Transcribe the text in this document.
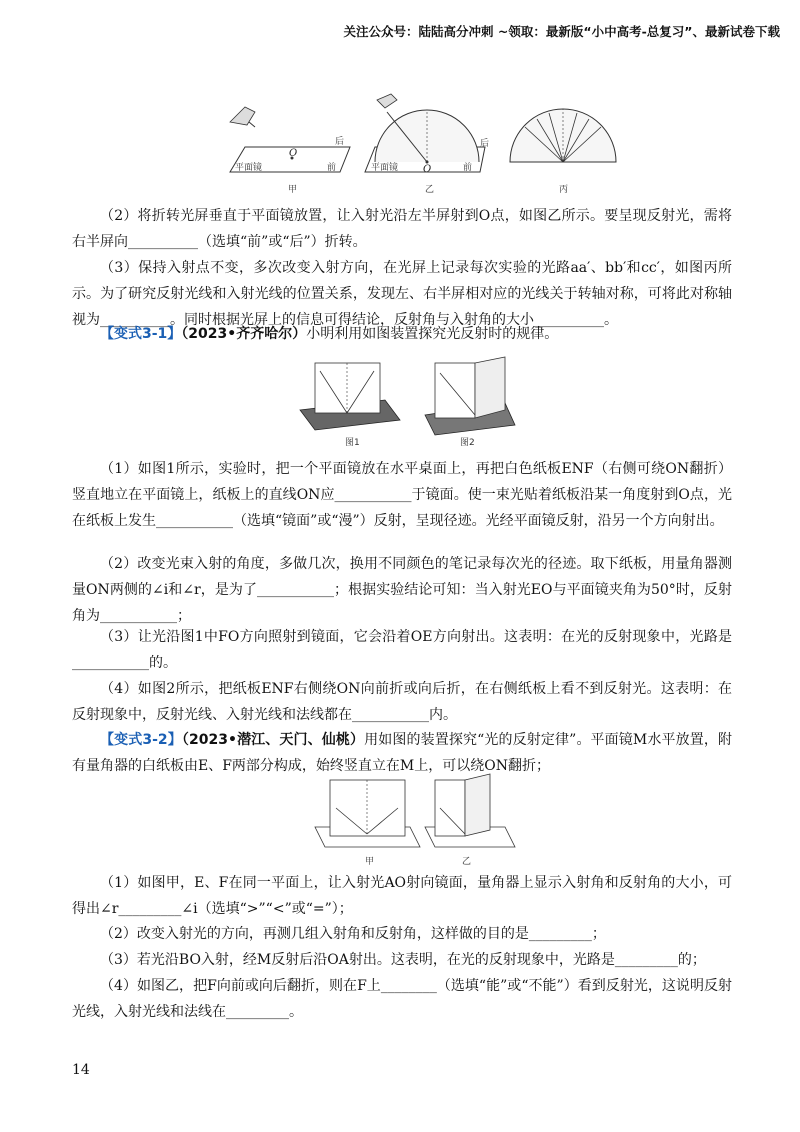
关注公众号：陆陆高分冲刺 ~领取：最新版“小中高考-总复习”、最新试卷下载
O
平面镜	前
后
甲
O
平面镜	前
后
乙	丙
（2）将折转光屏垂直于平面镜放置，让入射光沿左半屏射到O点，如图乙所示。要呈现反射光，需将右半屏向__________（选填“前”或“后”）折转。
（3）保持入射点不变，多次改变入射方向，在光屏上记录每次实验的光路aa′、bb′和cc′，如图丙所示。为了研究反射光线和入射光线的位置关系，发现左、右半屏相对应的光线关于转轴对称，可将此对称轴视为__________。同时根据光屏上的信息可得结论，反射角与入射角的大小__________。
【变式3-1】（2023•齐齐哈尔）小明利用如图装置探究光反射时的规律。
图1	图2
（1）如图1所示，实验时，把一个平面镜放在水平桌面上，再把白色纸板ENF（右侧可绕ON翻折）竖直地立在平面镜上，纸板上的直线ON应___________于镜面。使一束光贴着纸板沿某一角度射到O点，光在纸板上发生___________（选填“镜面”或“漫”）反射，呈现径迹。光经平面镜反射，沿另一个方向射出。
（2）改变光束入射的角度，多做几次，换用不同颜色的笔记录每次光的径迹。取下纸板，用量角器测量ON两侧的∠i和∠r，是为了___________；根据实验结论可知：当入射光EO与平面镜夹角为50°时，反射角为___________；
（3）让光沿图1中FO方向照射到镜面，它会沿着OE方向射出。这表明：在光的反射现象中，光路是___________的。
（4）如图2所示，把纸板ENF右侧绕ON向前折或向后折，在右侧纸板上看不到反射光。这表明：在反射现象中，反射光线、入射光线和法线都在___________内。
【变式3-2】（2023•潜江、天门、仙桃）用如图的装置探究“光的反射定律”。平面镜M水平放置，附有量角器的白纸板由E、F两部分构成，始终竖直立在M上，可以绕ON翻折；
甲	乙
（1）如图甲，E、F在同一平面上，让入射光AO射向镜面，量角器上显示入射角和反射角的大小，可得出∠r_________∠i（选填“>”“<”或“=”）；
（2）改变入射光的方向，再测几组入射角和反射角，这样做的目的是_________；
（3）若光沿BO入射，经M反射后沿OA射出。这表明，在光的反射现象中，光路是_________的；
（4）如图乙，把F向前或向后翻折，则在F上________（选填“能”或“不能”）看到反射光，这说明反射光线，入射光线和法线在_________。
14
